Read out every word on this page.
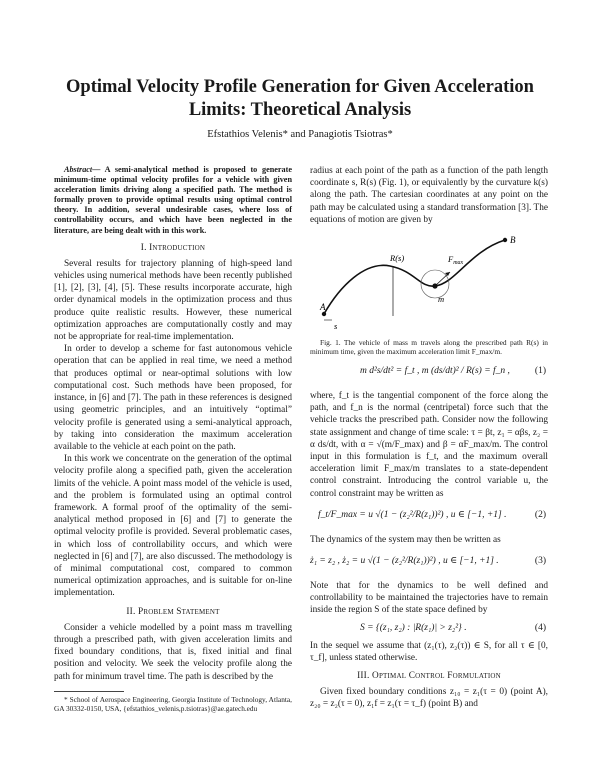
Optimal Velocity Profile Generation for Given Acceleration Limits: Theoretical Analysis
Efstathios Velenis* and Panagiotis Tsiotras*

Abstract— A semi-analytical method is proposed to generate minimum-time optimal velocity profiles for a vehicle with given acceleration limits driving along a specified path. The method is formally proven to provide optimal results using optimal control theory. In addition, several undesirable cases, where loss of controllability occurs, and which have been neglected in the literature, are being dealt with in this work.

I. Introduction

Several results for trajectory planning of high-speed land vehicles using numerical methods have been recently published [1], [2], [3], [4], [5]. These results incorporate accurate, high order dynamical models in the optimization process and thus produce quite realistic results. However, these numerical optimization approaches are computationally costly and may not be appropriate for real-time implementation.

In order to develop a scheme for fast autonomous vehicle operation that can be applied in real time, we need a method that produces optimal or near-optimal solutions with low computational cost. Such methods have been proposed, for instance, in [6] and [7]. The path in these references is designed using geometric principles, and an intuitively “optimal” velocity profile is generated using a semi-analytical approach, by taking into consideration the maximum acceleration available to the vehicle at each point on the path.

In this work we concentrate on the generation of the optimal velocity profile along a specified path, given the acceleration limits of the vehicle. A point mass model of the vehicle is used, and the problem is formulated using an optimal control framework. A formal proof of the optimality of the semi-analytical method proposed in [6] and [7] to generate the optimal velocity profile is provided. Several problematic cases, in which loss of controllability occurs, and which were neglected in [6] and [7], are also discussed. The methodology is of minimal computational cost, compared to common numerical optimization approaches, and is suitable for on-line implementation.

II. Problem Statement

Consider a vehicle modelled by a point mass m travelling through a prescribed path, with given acceleration limits and fixed boundary conditions, that is, fixed initial and final position and velocity. We seek the velocity profile along the path for minimum travel time. The path is described by the

* School of Aerospace Engineering, Georgia Institute of Technology, Atlanta, GA 30332-0150, USA, {efstathios_velenis,p.tsiotras}@ae.gatech.edu

radius at each point of the path as a function of the path length coordinate s, R(s) (Fig. 1), or equivalently by the curvature k(s) along the path. The cartesian coordinates at any point on the path may be calculated using a standard transformation [3]. The equations of motion are given by

A
B
R(s)	$F_{max}$
m
s

Fig. 1. The vehicle of mass m travels along the prescribed path R(s) in minimum time, given the maximum acceleration limit F_max/m.

m d²s/dt² = f_t , m (ds/dt)² / R(s) = f_n ,	(1)

where, f_t is the tangential component of the force along the path, and f_n is the normal (centripetal) force such that the vehicle tracks the prescribed path. Consider now the following state assignment and change of time scale: τ = βt, z₁ = αβs, z₂ = α ds/dt, with α = √(m/F_max) and β = αF_max/m. The control input in this formulation is f_t, and the maximum overall acceleration limit F_max/m translates to a state-dependent control constraint. Introducing the control variable u, the control constraint may be written as

f_t/F_max = u √(1 − (z₂²/R(z₁))²) , u ∈ [−1, +1] .	(2)

The dynamics of the system may then be written as

ż₁ = z₂ , ż₂ = u √(1 − (z₂²/R(z₁))²) , u ∈ [−1, +1] .	(3)

Note that for the dynamics to be well defined and controllability to be maintained the trajectories have to remain inside the region S of the state space defined by

S = {(z₁, z₂) : |R(z₁)| > z₂²} .	(4)

In the sequel we assume that (z₁(τ), z₂(τ)) ∈ S, for all τ ∈ [0, τ_f], unless stated otherwise.

III. Optimal Control Formulation

Given fixed boundary conditions z₁₀ = z₁(τ = 0) (point A), z₂₀ = z₂(τ = 0), z₁f = z₁(τ = τ_f) (point B) and
